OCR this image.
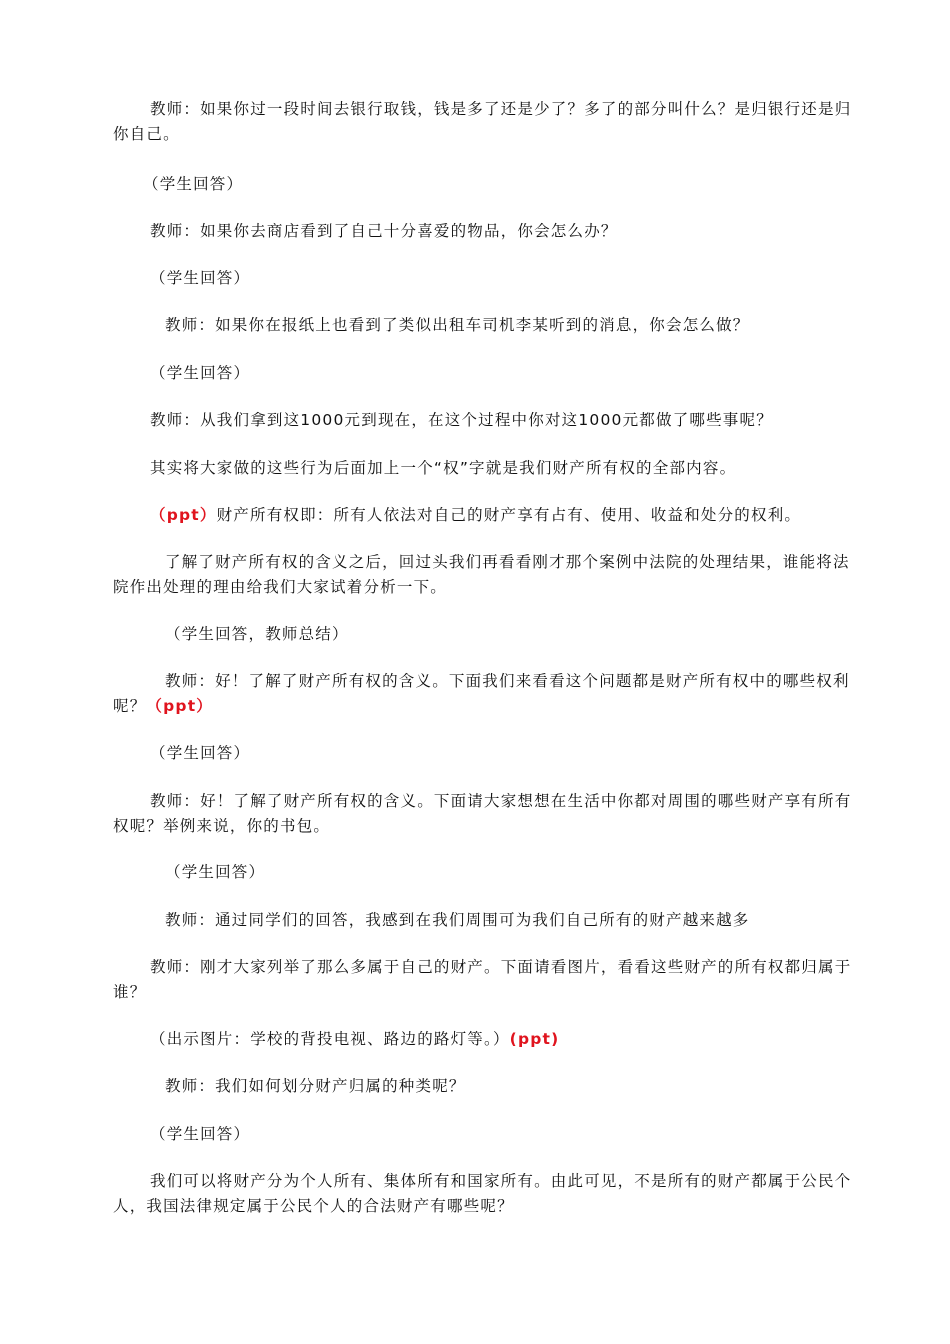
教师：如果你过一段时间去银行取钱，钱是多了还是少了？多了的部分叫什么？是归银行还是归你自己。

（学生回答）

教师：如果你去商店看到了自己十分喜爱的物品，你会怎么办？

（学生回答）

教师：如果你在报纸上也看到了类似出租车司机李某听到的消息，你会怎么做？

（学生回答）

教师：从我们拿到这1000元到现在，在这个过程中你对这1000元都做了哪些事呢？

其实将大家做的这些行为后面加上一个“权”字就是我们财产所有权的全部内容。

（ppt）财产所有权即：所有人依法对自己的财产享有占有、使用、收益和处分的权利。

了解了财产所有权的含义之后，回过头我们再看看刚才那个案例中法院的处理结果，谁能将法院作出处理的理由给我们大家试着分析一下。

（学生回答，教师总结）

教师：好！了解了财产所有权的含义。下面我们来看看这个问题都是财产所有权中的哪些权利呢？（ppt）

（学生回答）

教师：好！了解了财产所有权的含义。下面请大家想想在生活中你都对周围的哪些财产享有所有权呢？举例来说，你的书包。

（学生回答）

教师：通过同学们的回答，我感到在我们周围可为我们自己所有的财产越来越多

教师：刚才大家列举了那么多属于自己的财产。下面请看图片，看看这些财产的所有权都归属于谁？

（出示图片：学校的背投电视、路边的路灯等。）(ppt)

教师：我们如何划分财产归属的种类呢？

（学生回答）

我们可以将财产分为个人所有、集体所有和国家所有。由此可见，不是所有的财产都属于公民个人，我国法律规定属于公民个人的合法财产有哪些呢？
